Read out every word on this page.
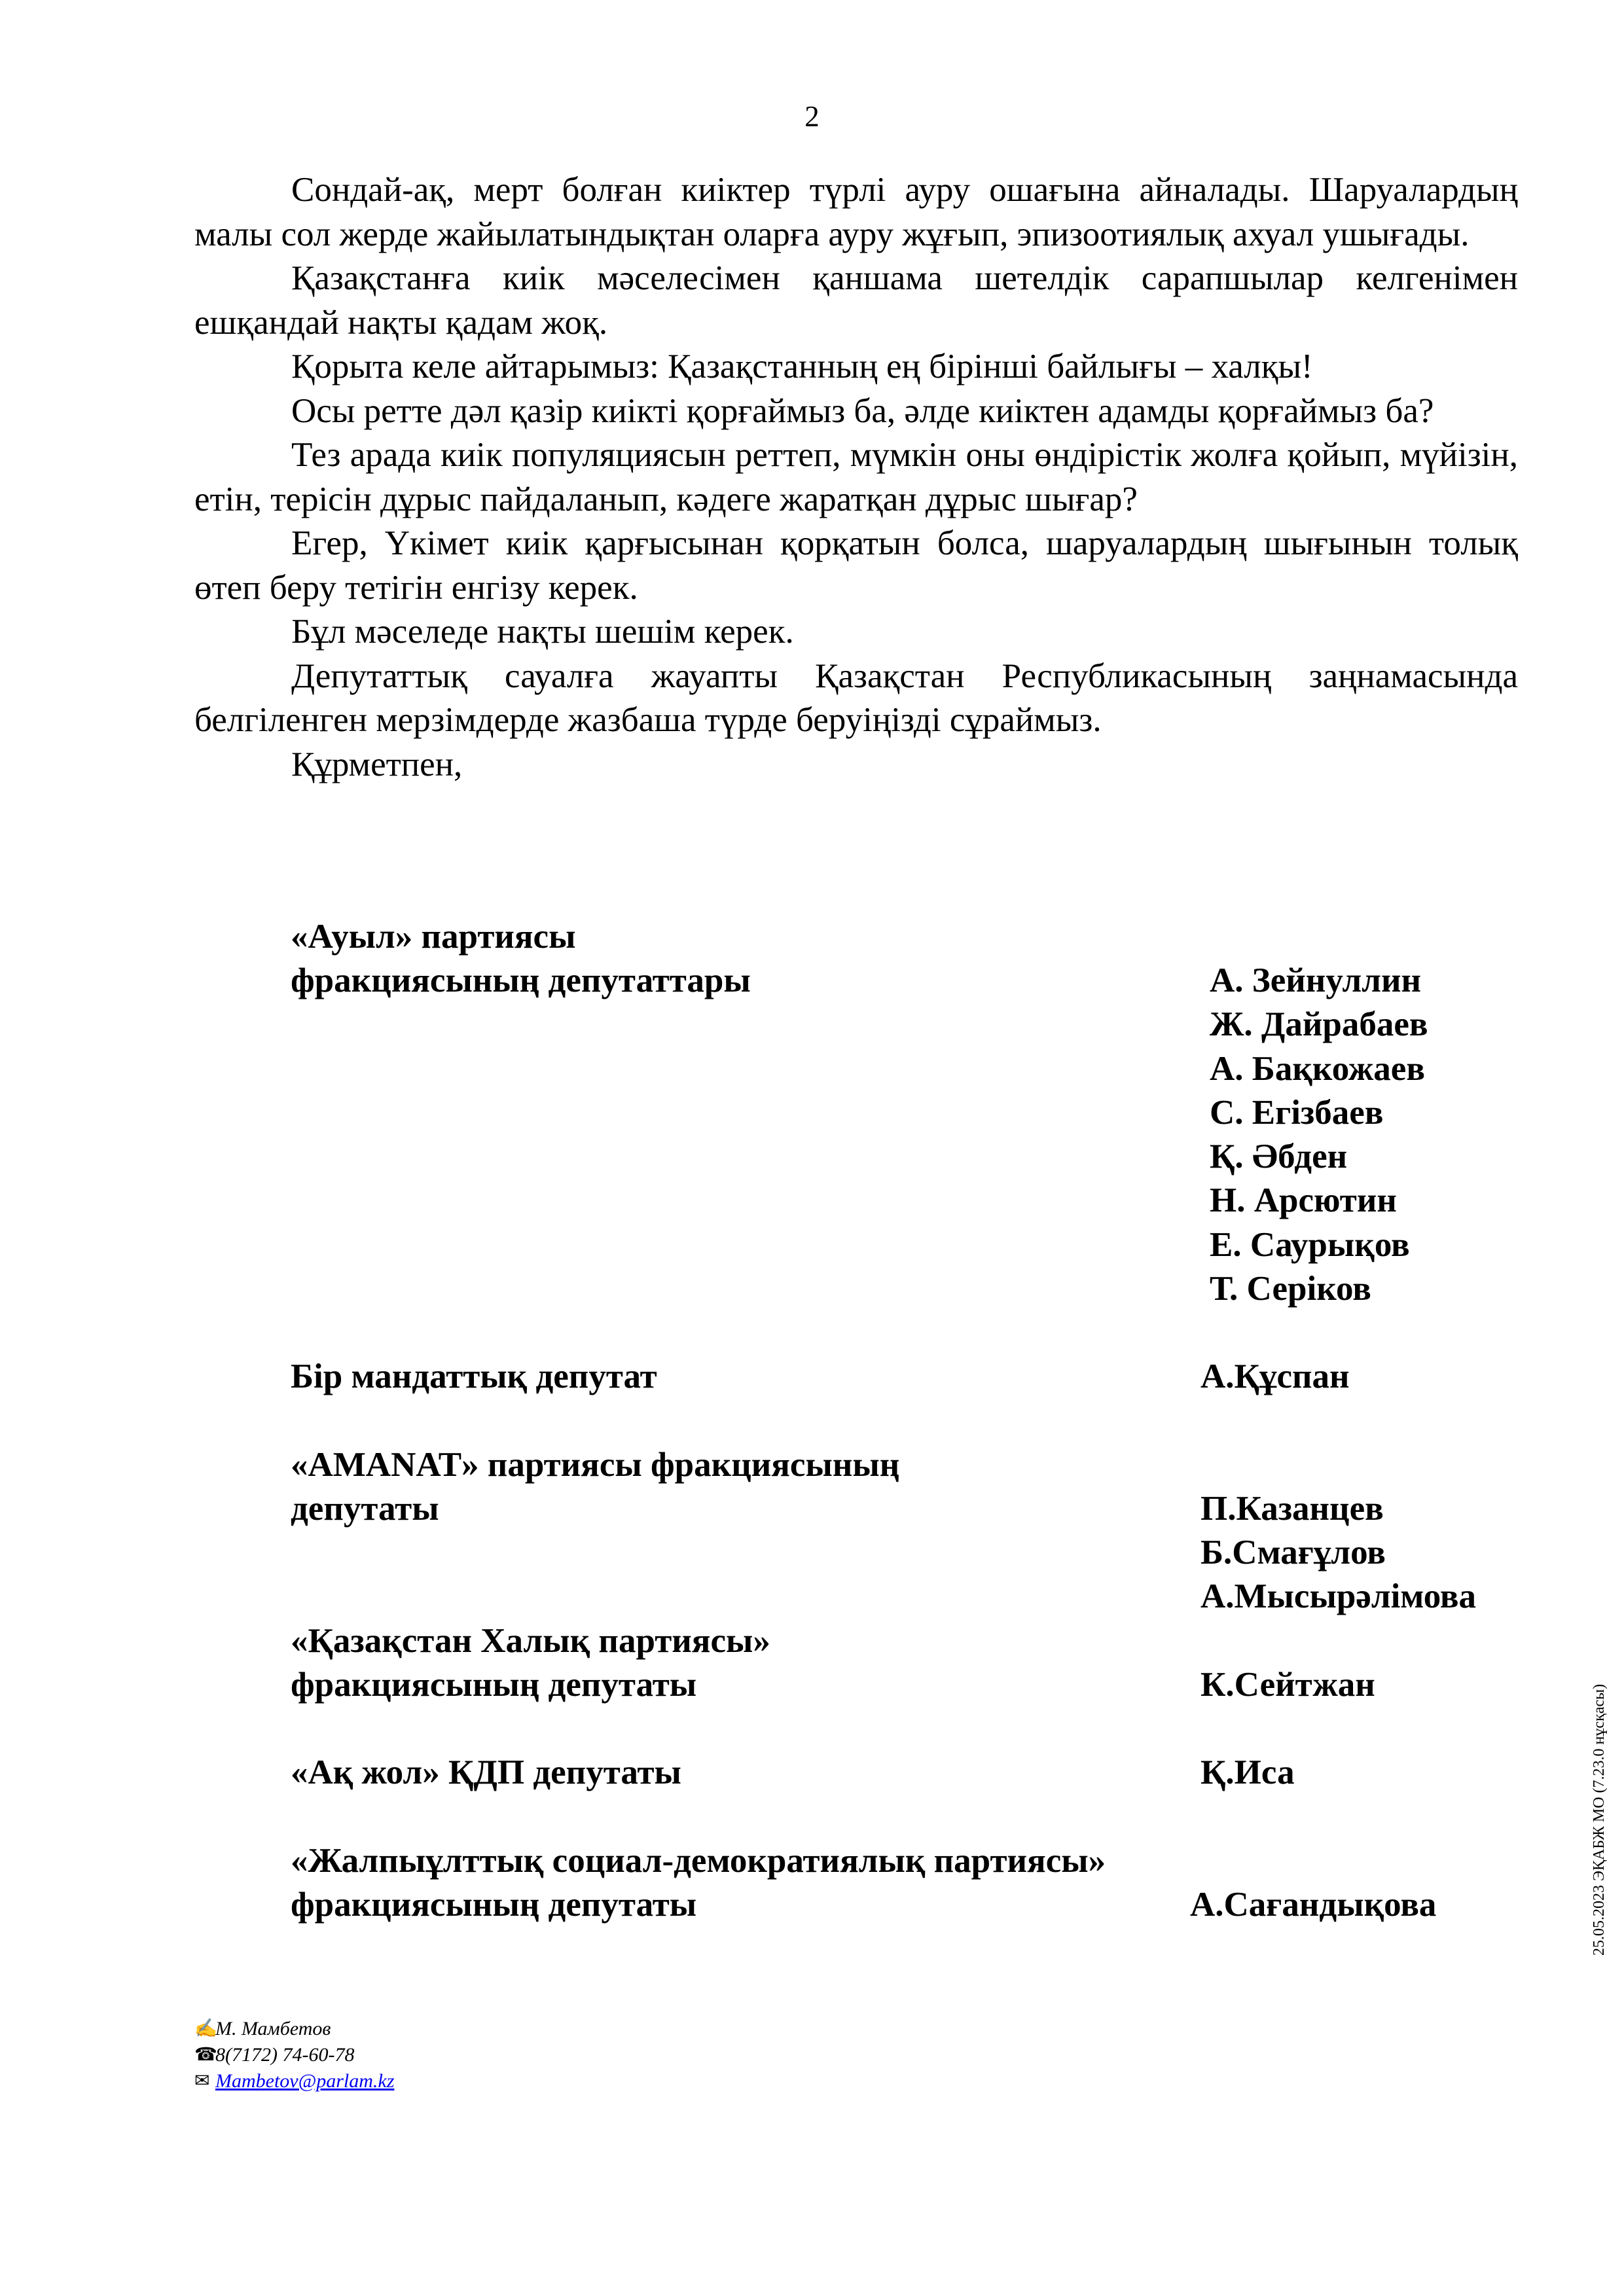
2

Сондай-ақ, мерт болған киіктер түрлі ауру ошағына айналады. Шаруалардың малы сол жерде жайылатындықтан оларға ауру жұғып, эпизоотиялық ахуал ушығады.

Қазақстанға киік мәселесімен қаншама шетелдік сарапшылар келгенімен ешқандай нақты қадам жоқ.

Қорыта келе айтарымыз: Қазақстанның ең бірінші байлығы – халқы!

Осы ретте дәл қазір киікті қорғаймыз ба, әлде киіктен адамды қорғаймыз ба?

Тез арада киік популяциясын реттеп, мүмкін оны өндірістік жолға қойып, мүйізін, етін, терісін дұрыс пайдаланып, кәдеге жаратқан дұрыс шығар?

Егер, Үкімет киік қарғысынан қорқатын болса, шаруалардың шығынын толық өтеп беру тетігін енгізу керек.

Бұл мәселеде нақты шешім керек.

Депутаттық сауалға жауапты Қазақстан Республикасының заңнамасында белгіленген мерзімдерде жазбаша түрде беруіңізді сұраймыз.

Құрметпен,

«Ауыл» партиясы
фракциясының депутаттары	А. Зейнуллин
Ж. Дайрабаев
А. Бақкожаев
С. Егізбаев
Қ. Әбден
Н. Арсютин
Е. Саурықов
Т. Серіков
Бір мандаттық депутат	А.Құспан
«AMANAT» партиясы фракциясының
депутаты	П.Казанцев
Б.Смағұлов
А.Мысырәлімова
«Қазақстан Халық партиясы»
фракциясының депутаты	К.Сейтжан
«Ақ жол» ҚДП депутаты	Қ.Иса
«Жалпыұлттық социал-демократиялық партиясы»
фракциясының депутаты	А.Сағандықова
✍
М. Мамбетов
☎
8(7172) 74-60-78
✉ Mambetov@parlam.kz
25.05.2023 ЭҚАБЖ МО (7.23.0 нұсқасы)
